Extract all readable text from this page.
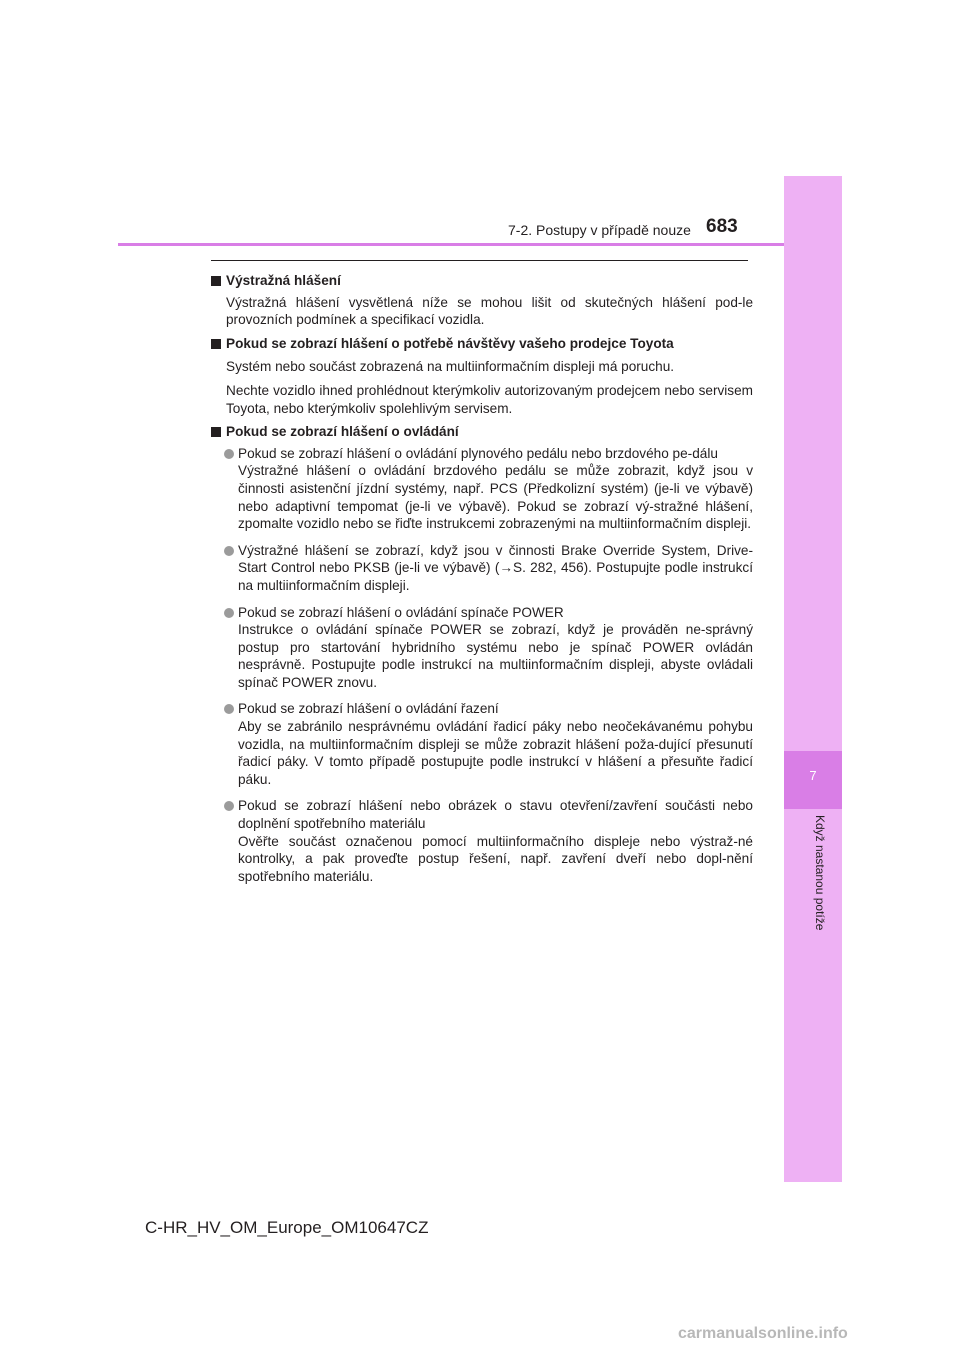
7
Když nastanou potíže
7-2. Postupy v případě nouze 683
Výstražná hlášení
Výstražná hlášení vysvětlená níže se mohou lišit od skutečných hlášení pod-le provozních podmínek a specifikací vozidla.
Pokud se zobrazí hlášení o potřebě návštěvy vašeho prodejce Toyota
Systém nebo součást zobrazená na multiinformačním displeji má poruchu.
Nechte vozidlo ihned prohlédnout kterýmkoliv autorizovaným prodejcem nebo servisem Toyota, nebo kterýmkoliv spolehlivým servisem.
Pokud se zobrazí hlášení o ovládání
Pokud se zobrazí hlášení o ovládání plynového pedálu nebo brzdového pe-dálu
Výstražné hlášení o ovládání brzdového pedálu se může zobrazit, když jsou v činnosti asistenční jízdní systémy, např. PCS (Předkolizní systém) (je-li ve výbavě) nebo adaptivní tempomat (je-li ve výbavě). Pokud se zobrazí vý-stražné hlášení, zpomalte vozidlo nebo se řiďte instrukcemi zobrazenými na multiinformačním displeji.
Výstražné hlášení se zobrazí, když jsou v činnosti Brake Override System, Drive-Start Control nebo PKSB (je-li ve výbavě) (→S. 282, 456). Postupujte podle instrukcí na multiinformačním displeji.
Pokud se zobrazí hlášení o ovládání spínače POWER
Instrukce o ovládání spínače POWER se zobrazí, když je prováděn ne-správný postup pro startování hybridního systému nebo je spínač POWER ovládán nesprávně. Postupujte podle instrukcí na multiinformačním displeji, abyste ovládali spínač POWER znovu.
Pokud se zobrazí hlášení o ovládání řazení
Aby se zabránilo nesprávnému ovládání řadicí páky nebo neočekávanému pohybu vozidla, na multiinformačním displeji se může zobrazit hlášení poža-dující přesunutí řadicí páky. V tomto případě postupujte podle instrukcí v hlášení a přesuňte řadicí páku.
Pokud se zobrazí hlášení nebo obrázek o stavu otevření/zavření součásti nebo doplnění spotřebního materiálu
Ověřte součást označenou pomocí multiinformačního displeje nebo výstraž-né kontrolky, a pak proveďte postup řešení, např. zavření dveří nebo dopl-nění spotřebního materiálu.
C-HR_HV_OM_Europe_OM10647CZ
carmanualsonline.info
